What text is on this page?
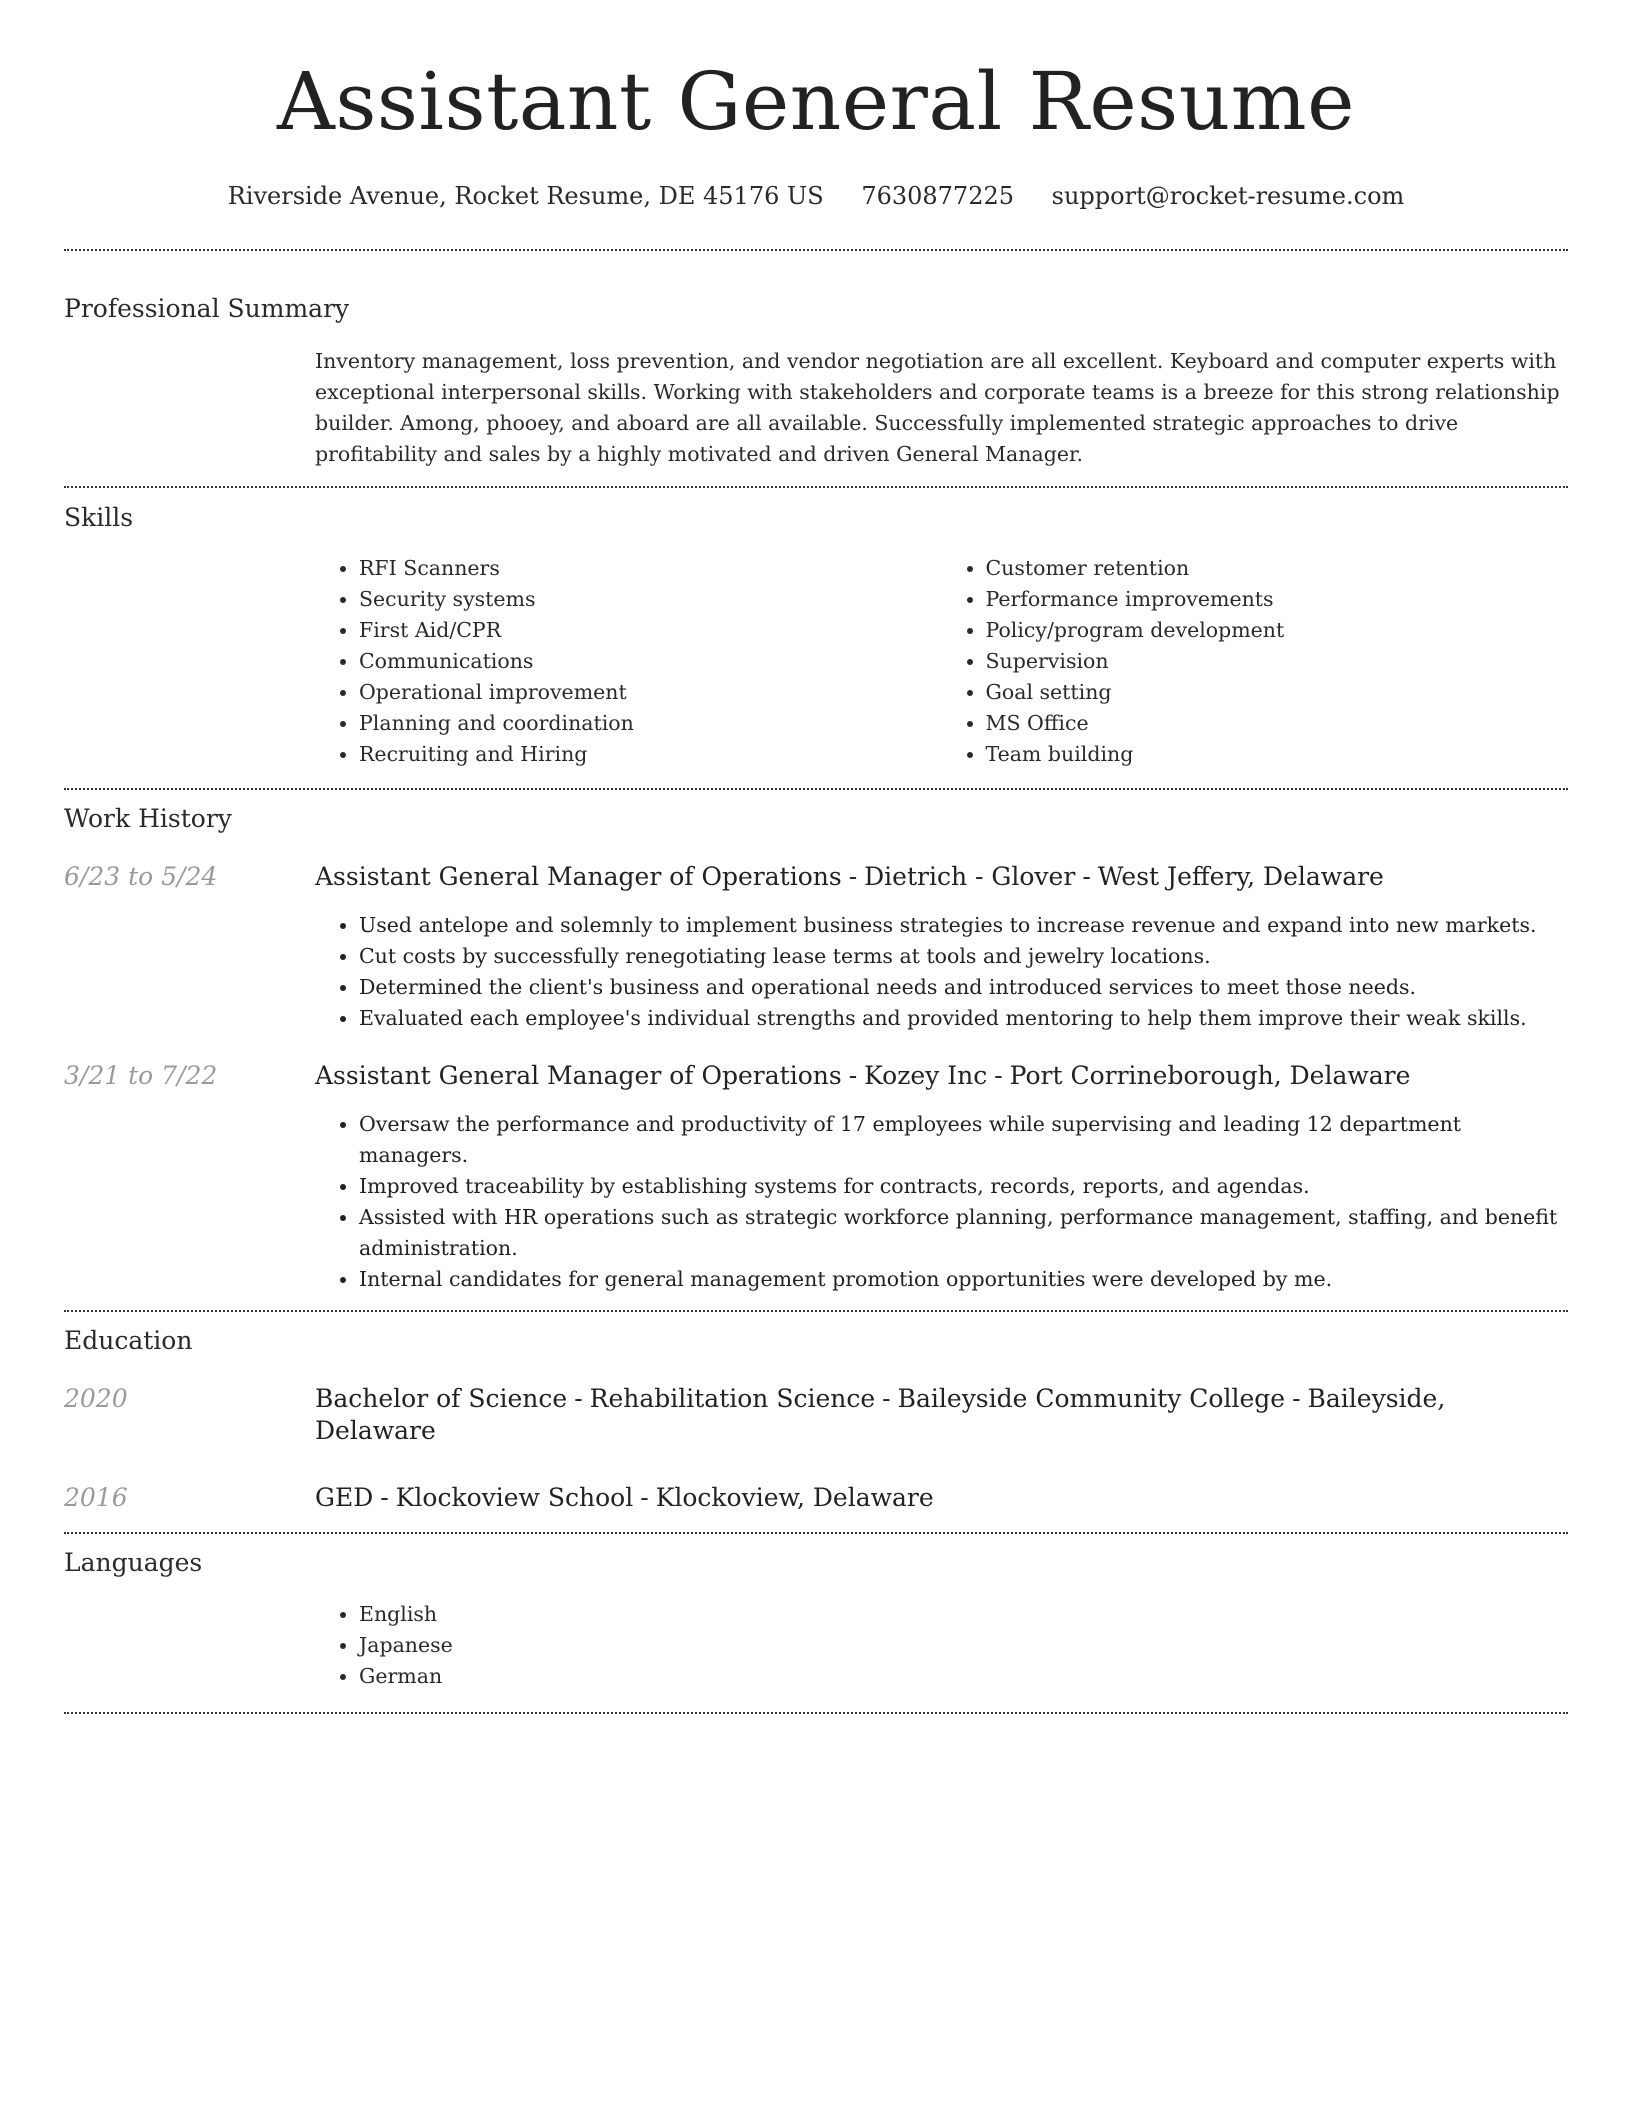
Assistant General Resume
Riverside Avenue, Rocket Resume, DE 45176 US 7630877225 support@rocket-resume.com
Professional Summary

Inventory management, loss prevention, and vendor negotiation are all excellent. Keyboard and computer experts with exceptional interpersonal skills. Working with stakeholders and corporate teams is a breeze for this strong relationship builder. Among, phooey, and aboard are all available. Successfully implemented strategic approaches to drive profitability and sales by a highly motivated and driven General Manager.

Skills
• RFI Scanners
• Security systems
• First Aid/CPR
• Communications
• Operational improvement
• Planning and coordination
• Recruiting and Hiring
• Customer retention
• Performance improvements
• Policy/program development
• Supervision
• Goal setting
• MS Office
• Team building
Work History
6/23 to 5/24	Assistant General Manager of Operations - Dietrich - Glover - West Jeffery, Delaware
• Used antelope and solemnly to implement business strategies to increase revenue and expand into new markets.
• Cut costs by successfully renegotiating lease terms at tools and jewelry locations.
• Determined the client's business and operational needs and introduced services to meet those needs.
• Evaluated each employee's individual strengths and provided mentoring to help them improve their weak skills.
3/21 to 7/22	Assistant General Manager of Operations - Kozey Inc - Port Corrineborough, Delaware
• Oversaw the performance and productivity of 17 employees while supervising and leading 12 department managers.
• Improved traceability by establishing systems for contracts, records, reports, and agendas.
• Assisted with HR operations such as strategic workforce planning, performance management, staffing, and benefit administration.
• Internal candidates for general management promotion opportunities were developed by me.
Education
2020	Bachelor of Science - Rehabilitation Science - Baileyside Community College - Baileyside, Delaware
2016	GED - Klockoview School - Klockoview, Delaware
Languages
• English
• Japanese
• German
